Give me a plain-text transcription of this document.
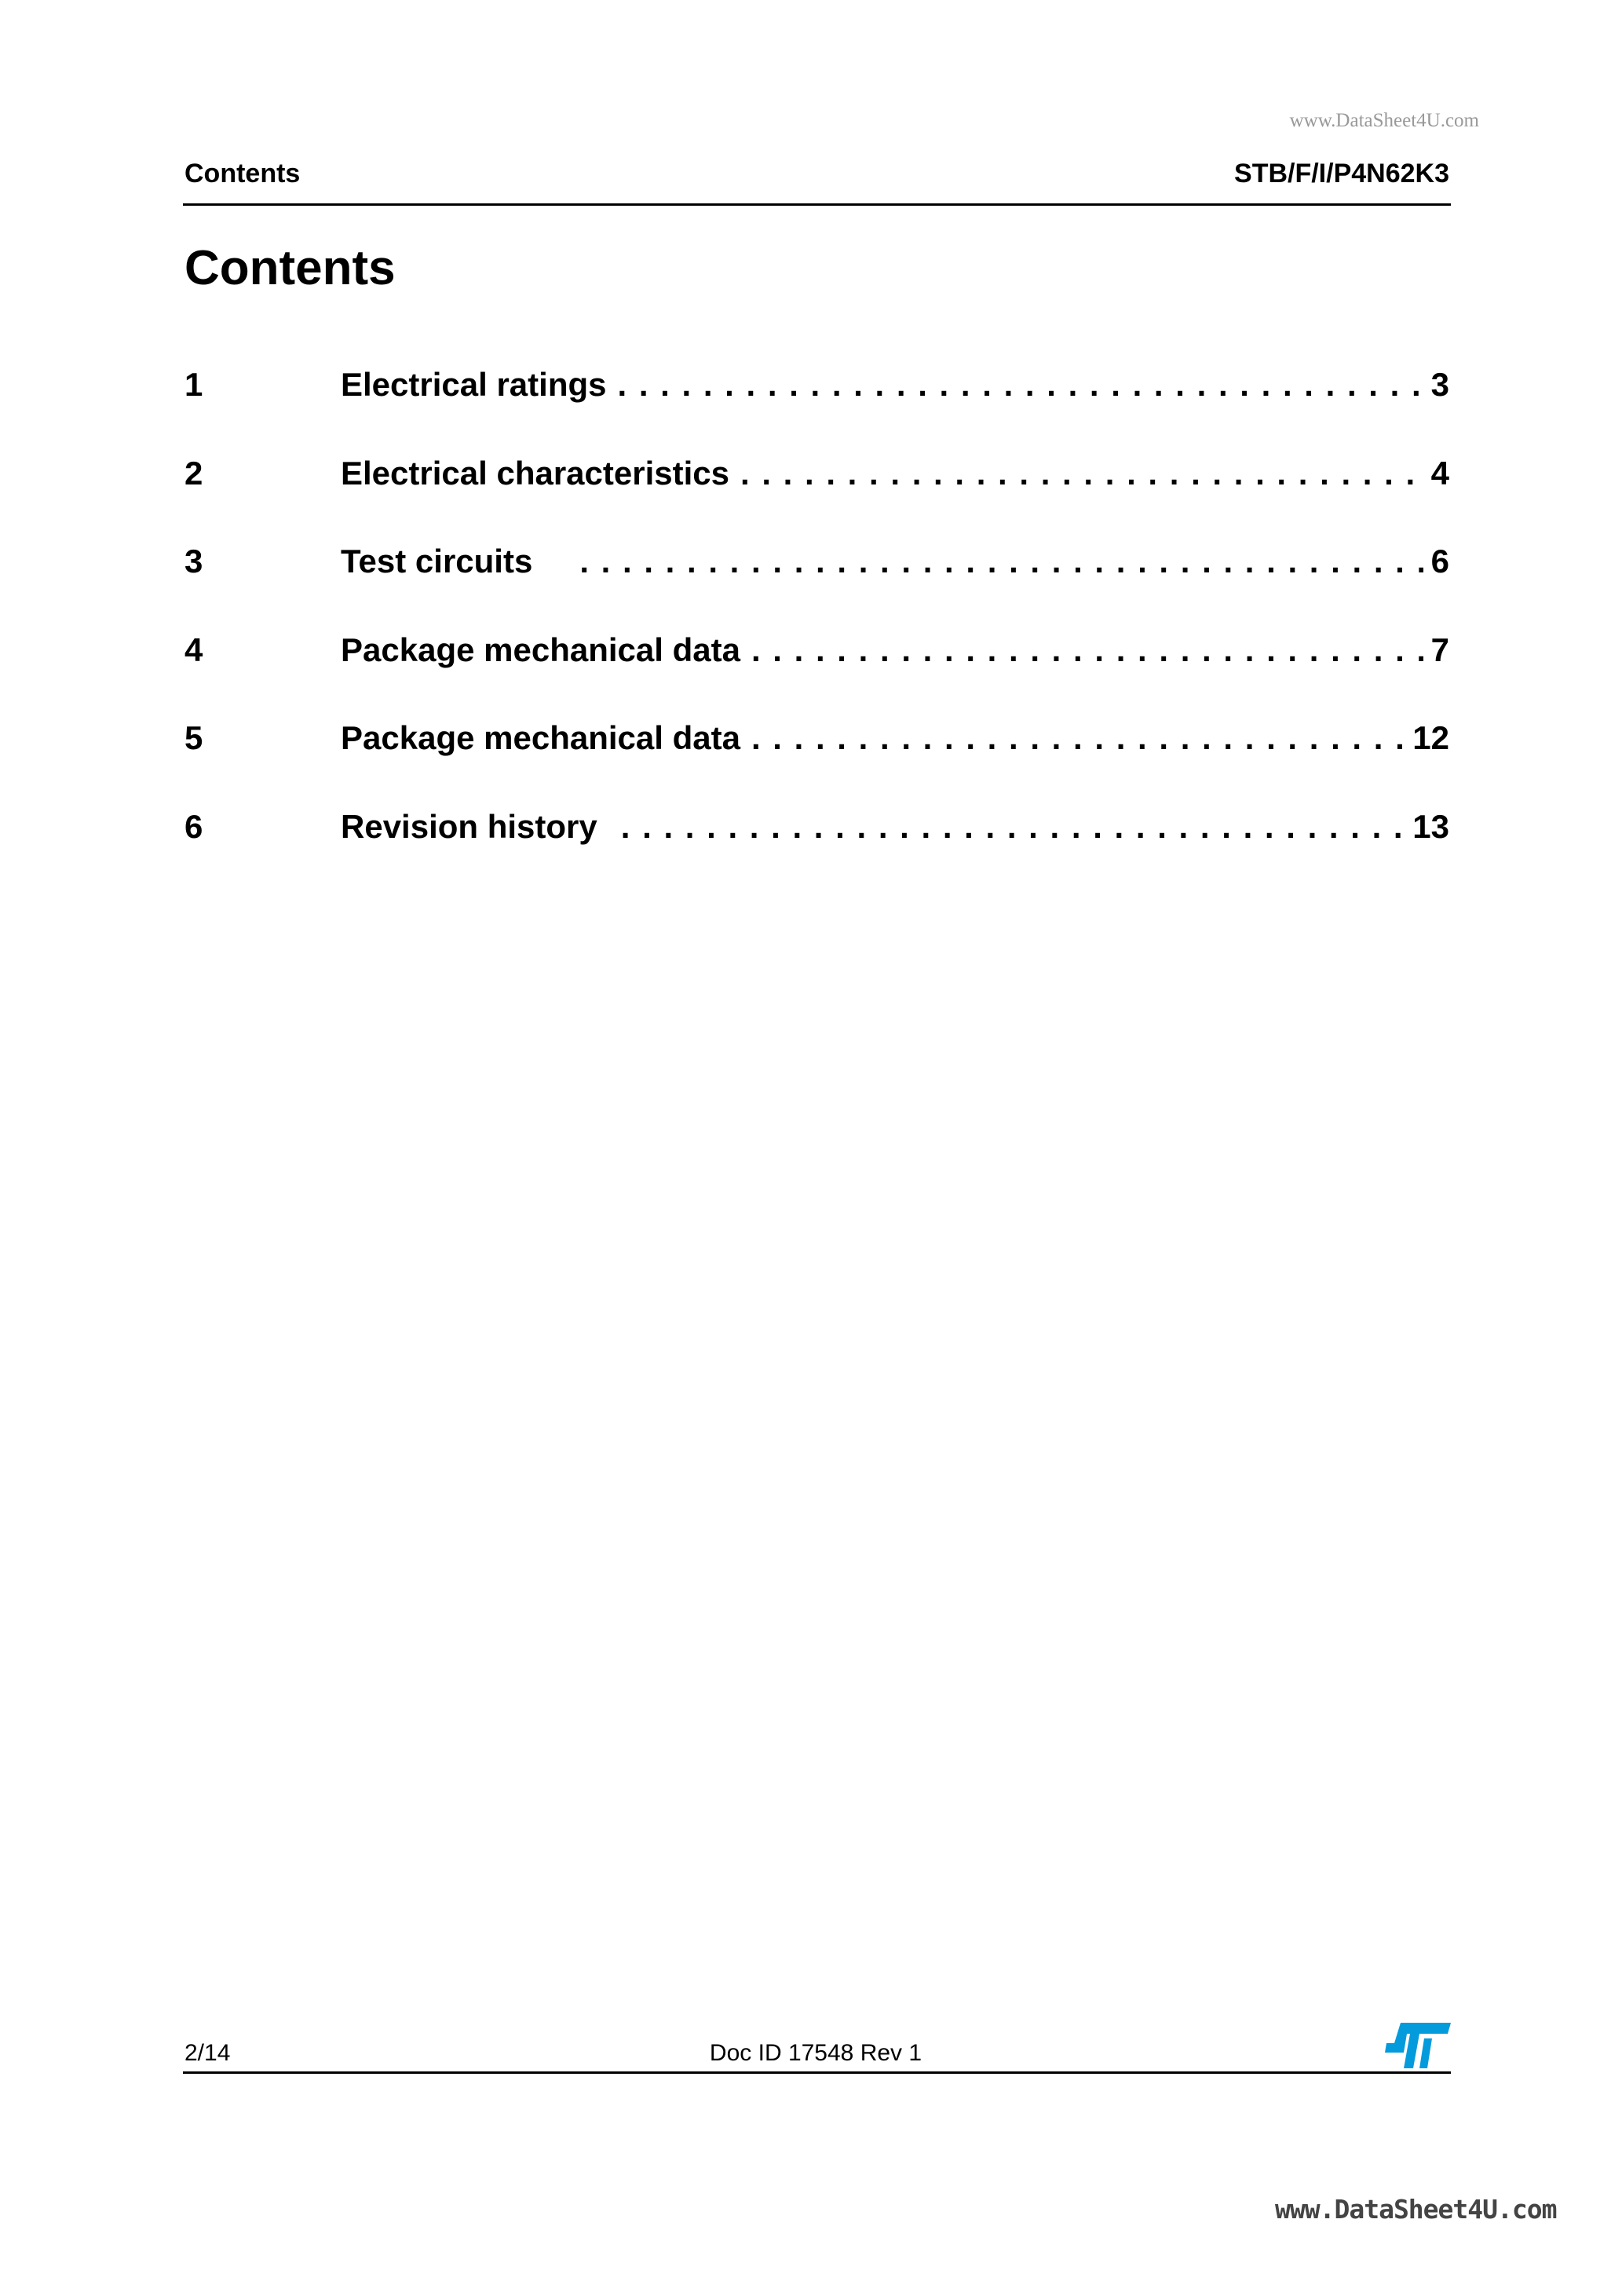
www.DataSheet4U.com
Contents	STB/F/I/P4N62K3
Contents
1	Electrical ratings . . .	3
2	Electrical characteristics . . .	4
3	Test circuits . . .	6
4	Package mechanical data . . .	7
5	Package mechanical data . . .	12
6	Revision history . . .	13
2/14	Doc ID 17548 Rev 1
www.DataSheet4U.com
